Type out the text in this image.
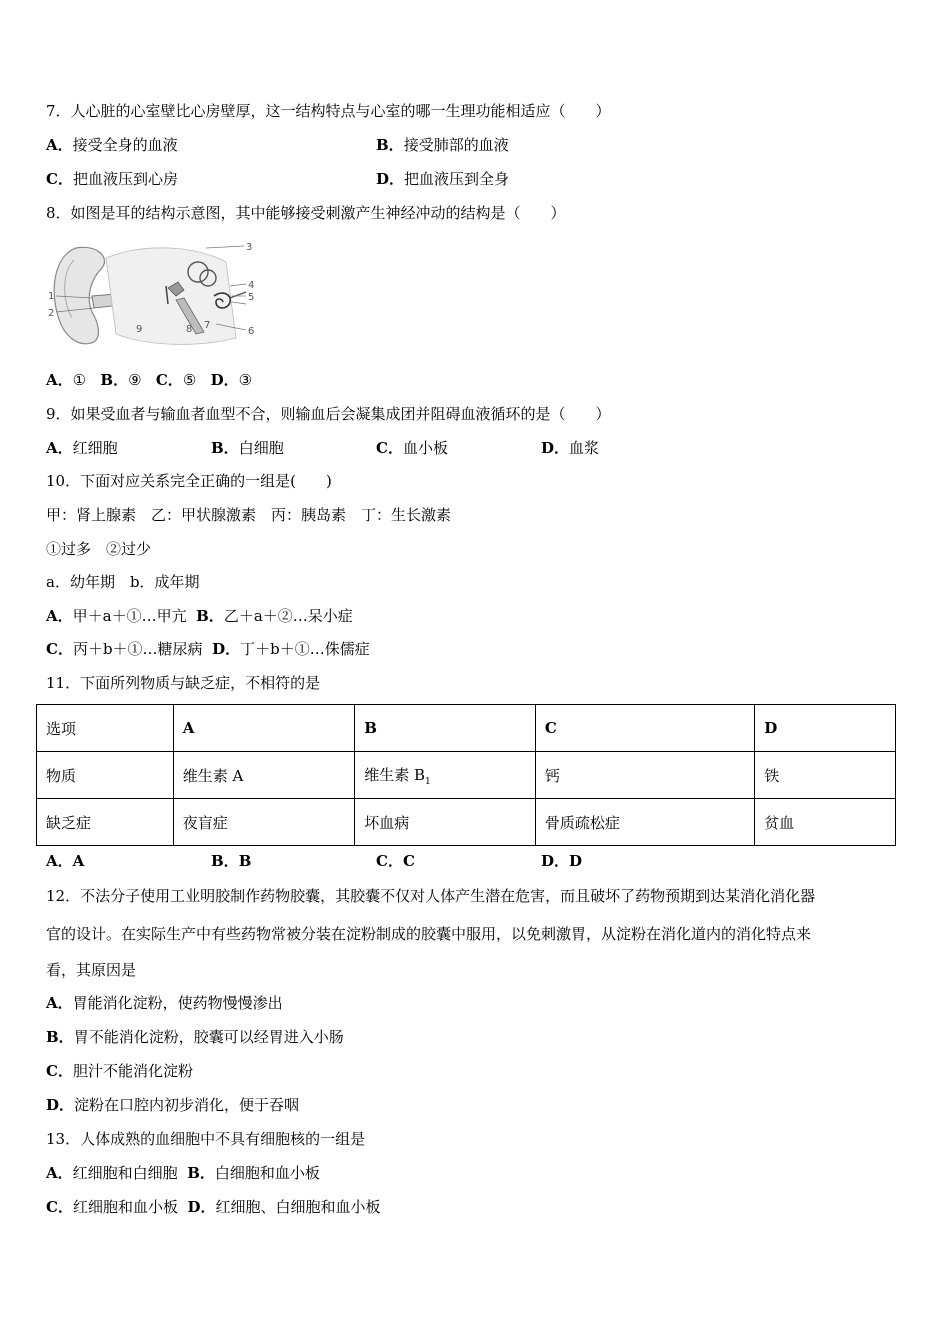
7．人心脏的心室壁比心房壁厚，这一结构特点与心室的哪一生理功能相适应（　　）
A．接受全身的血液	B．接受肺部的血液
C．把血液压到心房	D．把血液压到全身
8．如图是耳的结构示意图，其中能够接受刺激产生神经冲动的结构是（　　）
3
4
5
6
1
2
9	8 7
A．① B．⑨ C．⑤ D．③
9．如果受血者与输血者血型不合，则输血后会凝集成团并阻碍血液循环的是（　　）
A．红细胞	B．白细胞	C．血小板	D．血浆
10．下面对应关系完全正确的一组是(　　)
甲：肾上腺素　乙：甲状腺激素　丙：胰岛素　丁：生长激素
①过多　②过少
a．幼年期　b．成年期
A．甲＋a＋①…甲亢 B．乙＋a＋②…呆小症
C．丙＋b＋①…糖尿病 D．丁＋b＋①…侏儒症
11．下面所列物质与缺乏症，不相符的是
选项	A	B	C	D
物质	维生素 A	维生素 $B_1$	钙	铁
缺乏症	夜盲症	坏血病	骨质疏松症	贫血
A．A	B．B	C．C	D．D
12．不法分子使用工业明胶制作药物胶囊，其胶囊不仅对人体产生潜在危害，而且破坏了药物预期到达某消化消化器
官的设计。在实际生产中有些药物常被分装在淀粉制成的胶囊中服用，以免刺激胃，从淀粉在消化道内的消化特点来
看，其原因是
A．胃能消化淀粉，使药物慢慢渗出
B．胃不能消化淀粉，胶囊可以经胃进入小肠
C．胆汁不能消化淀粉
D．淀粉在口腔内初步消化，便于吞咽
13．人体成熟的血细胞中不具有细胞核的一组是
A．红细胞和白细胞 B．白细胞和血小板
C．红细胞和血小板 D．红细胞、白细胞和血小板
